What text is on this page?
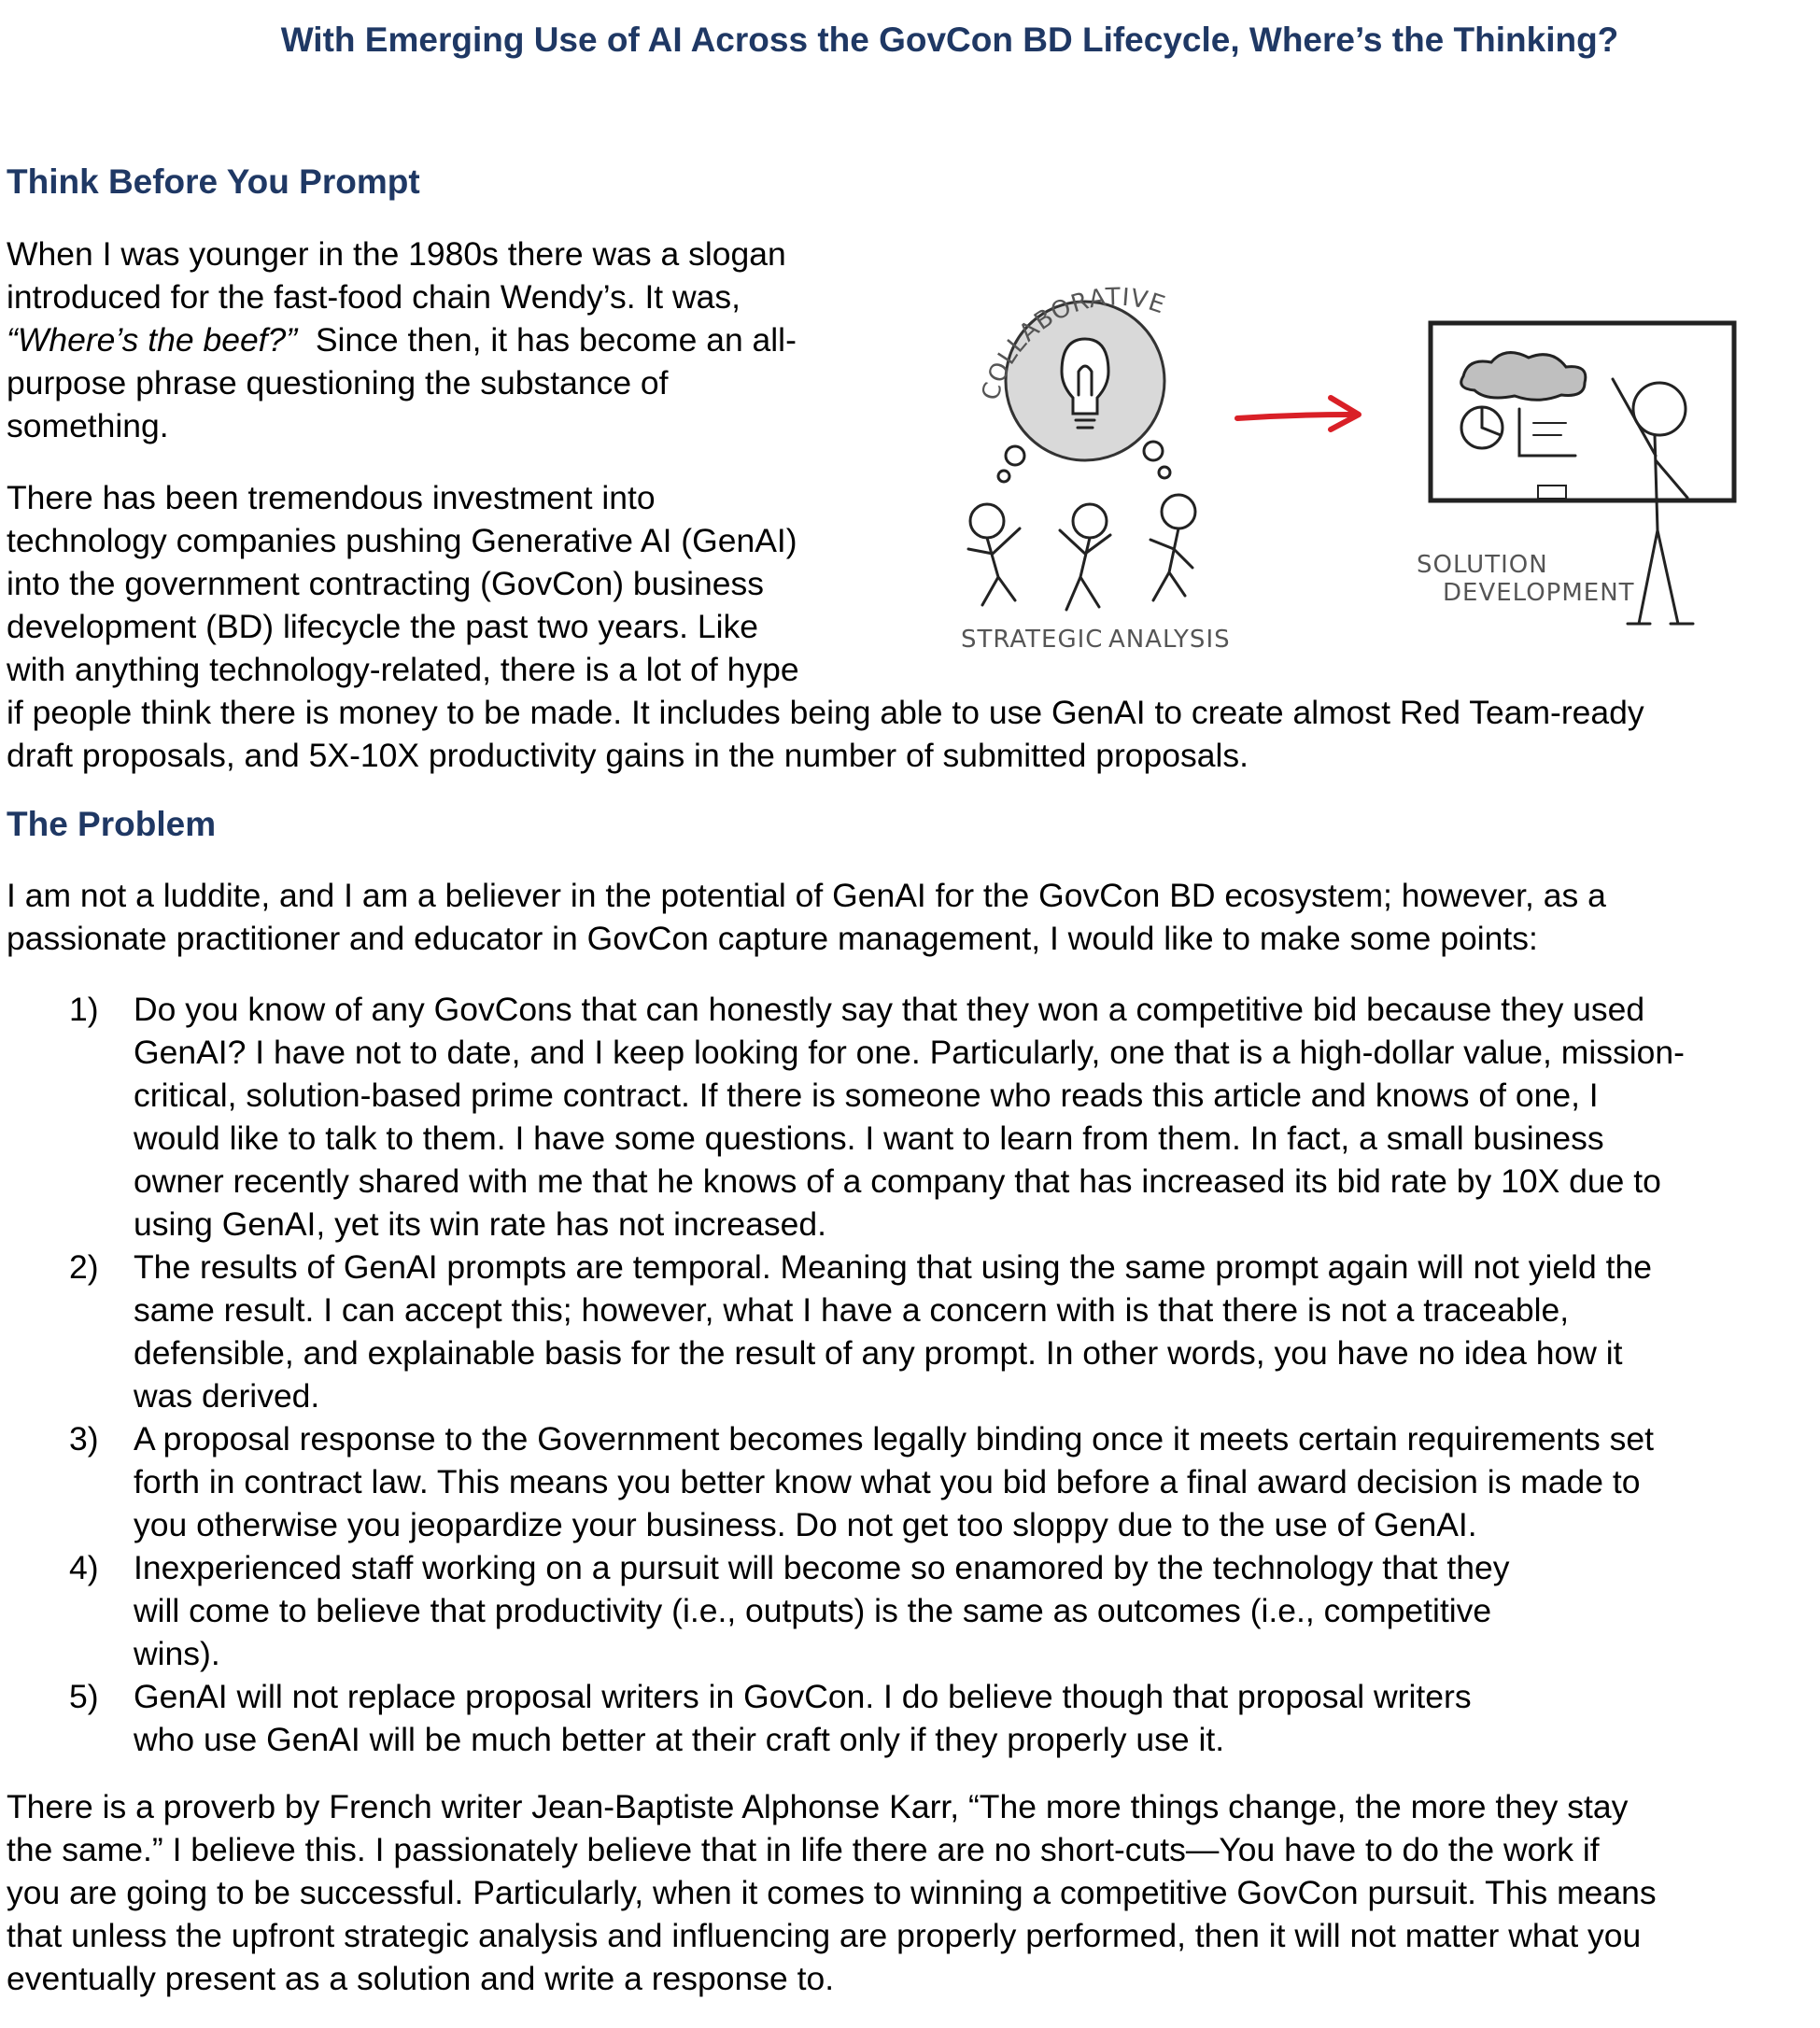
With Emerging Use of AI Across the GovCon BD Lifecycle, Where’s the Thinking?
Think Before You Prompt
When I was younger in the 1980s there was a slogan
introduced for the fast-food chain Wendy’s. It was,
“Where’s the beef?”  Since then, it has become an all-
purpose phrase questioning the substance of
something.
There has been tremendous investment into
technology companies pushing Generative AI (GenAI)
into the government contracting (GovCon) business
development (BD) lifecycle the past two years. Like
with anything technology-related, there is a lot of hype
if people think there is money to be made. It includes being able to use GenAI to create almost Red Team-ready
draft proposals, and 5X-10X productivity gains in the number of submitted proposals.
COLLABORATIVE
STRATEGIC ANALYSIS
SOLUTION
DEVELOPMENT
The Problem
I am not a luddite, and I am a believer in the potential of GenAI for the GovCon BD ecosystem; however, as a
passionate practitioner and educator in GovCon capture management, I would like to make some points:
1) Do you know of any GovCons that can honestly say that they won a competitive bid because they used
GenAI? I have not to date, and I keep looking for one. Particularly, one that is a high-dollar value, mission-
critical, solution-based prime contract. If there is someone who reads this article and knows of one, I
would like to talk to them. I have some questions. I want to learn from them. In fact, a small business
owner recently shared with me that he knows of a company that has increased its bid rate by 10X due to
using GenAI, yet its win rate has not increased.
2) The results of GenAI prompts are temporal. Meaning that using the same prompt again will not yield the
same result. I can accept this; however, what I have a concern with is that there is not a traceable,
defensible, and explainable basis for the result of any prompt. In other words, you have no idea how it
was derived.
3) A proposal response to the Government becomes legally binding once it meets certain requirements set
forth in contract law. This means you better know what you bid before a final award decision is made to
you otherwise you jeopardize your business. Do not get too sloppy due to the use of GenAI.
4) Inexperienced staff working on a pursuit will become so enamored by the technology that they
will come to believe that productivity (i.e., outputs) is the same as outcomes (i.e., competitive
wins).
5) GenAI will not replace proposal writers in GovCon. I do believe though that proposal writers
who use GenAI will be much better at their craft only if they properly use it.
There is a proverb by French writer Jean-Baptiste Alphonse Karr, “The more things change, the more they stay
the same.” I believe this. I passionately believe that in life there are no short-cuts—You have to do the work if
you are going to be successful. Particularly, when it comes to winning a competitive GovCon pursuit. This means
that unless the upfront strategic analysis and influencing are properly performed, then it will not matter what you
eventually present as a solution and write a response to.
